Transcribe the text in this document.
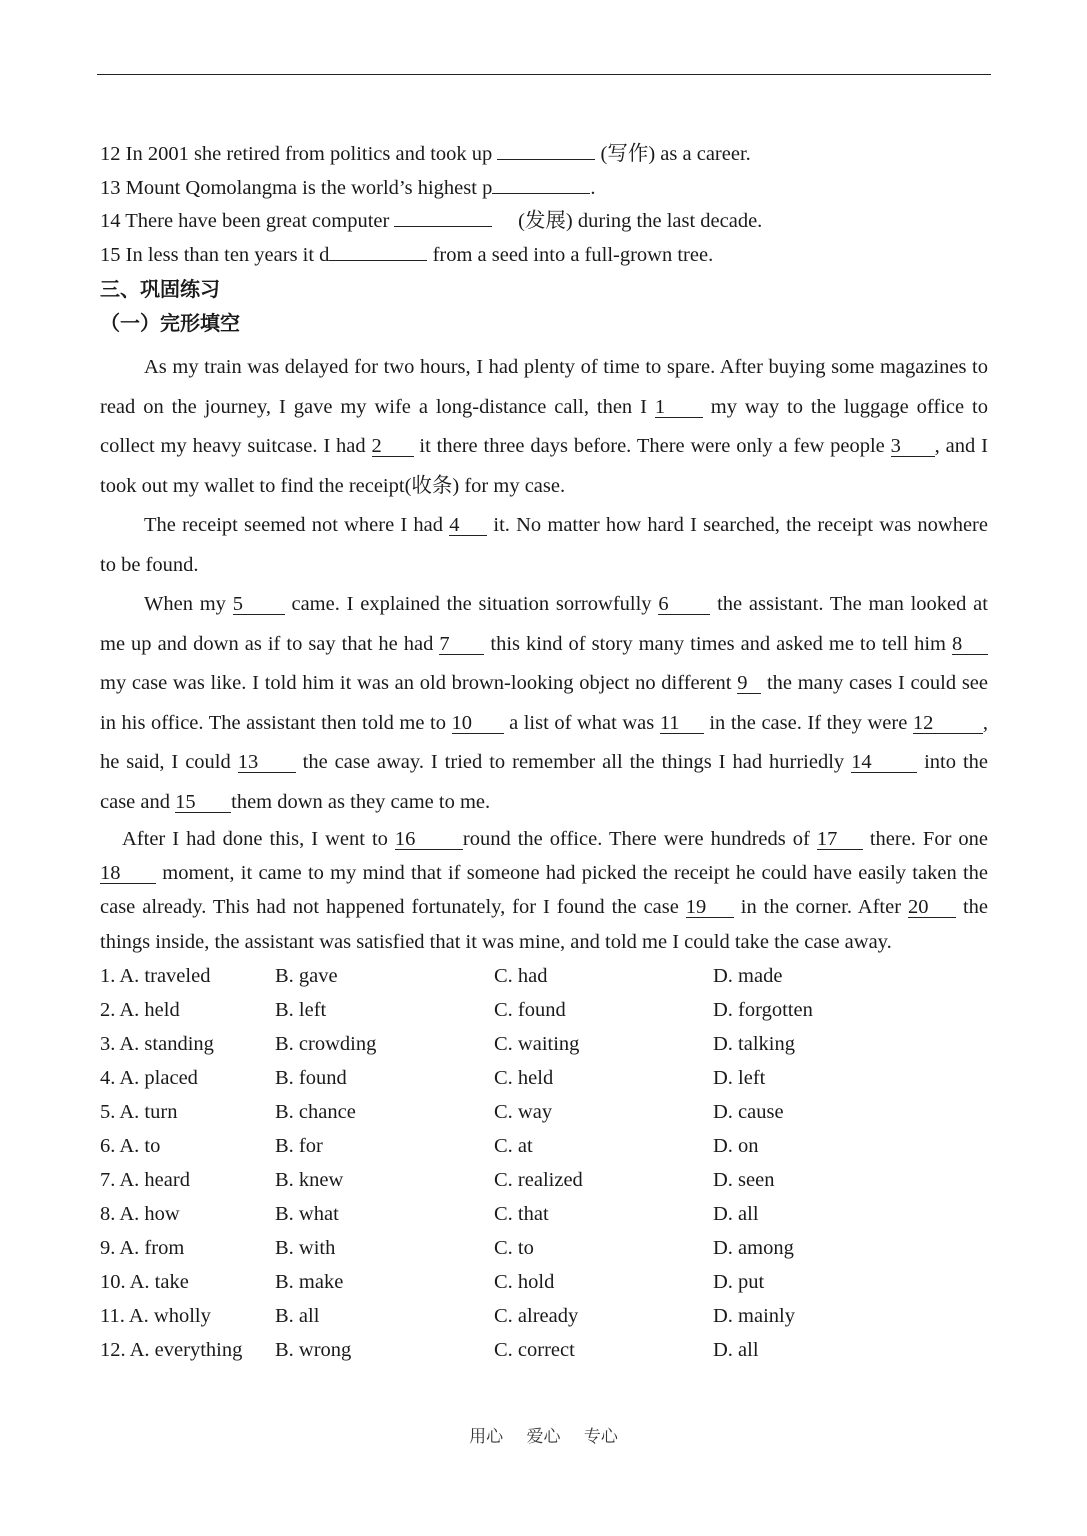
12 In 2001 she retired from politics and took up	(写作) as a career.
13 Mount Qomolangma is the world’s highest p	.
14 There have been great computer	(发展) during the last decade.
15 In less than ten years it d	from a seed into a full-grown tree.
三、巩固练习
（一）完形填空

As my train was delayed for two hours, I had plenty of time to spare. After buying some magazines to read on the journey, I gave my wife a long-distance call, then I 1 my way to the luggage office to collect my heavy suitcase. I had 2 it there three days before. There were only a few people 3 , and I took out my wallet to find the receipt(收条) for my case.

The receipt seemed not where I had 4 it. No matter how hard I searched, the receipt was nowhere to be found.

When my 5 came. I explained the situation sorrowfully 6 the assistant. The man looked at me up and down as if to say that he had 7 this kind of story many times and asked me to tell him 8 my case was like. I told him it was an old brown-looking object no different 9 the many cases I could see in his office. The assistant then told me to 10 a list of what was 11 in the case. If they were 12 , he said, I could 13 the case away. I tried to remember all the things I had hurriedly 14 into the case and 15 them down as they came to me.

After I had done this, I went to 16 round the office. There were hundreds of 17 there. For one 18 moment, it came to my mind that if someone had picked the receipt he could have easily taken the case already. This had not happened fortunately, for I found the case 19 in the corner. After 20 the things inside, the assistant was satisfied that it was mine, and told me I could take the case away.

1. A. traveled	B. gave	C. had	D. made
2. A. held	B. left	C. found	D. forgotten
3. A. standing	B. crowding	C. waiting	D. talking
4. A. placed	B. found	C. held	D. left
5. A. turn	B. chance	C. way	D. cause
6. A. to	B. for	C. at	D. on
7. A. heard	B. knew	C. realized	D. seen
8. A. how	B. what	C. that	D. all
9. A. from	B. with	C. to	D. among
10. A. take	B. make	C. hold	D. put
11. A. wholly	B. all	C. already	D. mainly
12. A. everything B. wrong	C. correct	D. all
用心 爱心 专心
